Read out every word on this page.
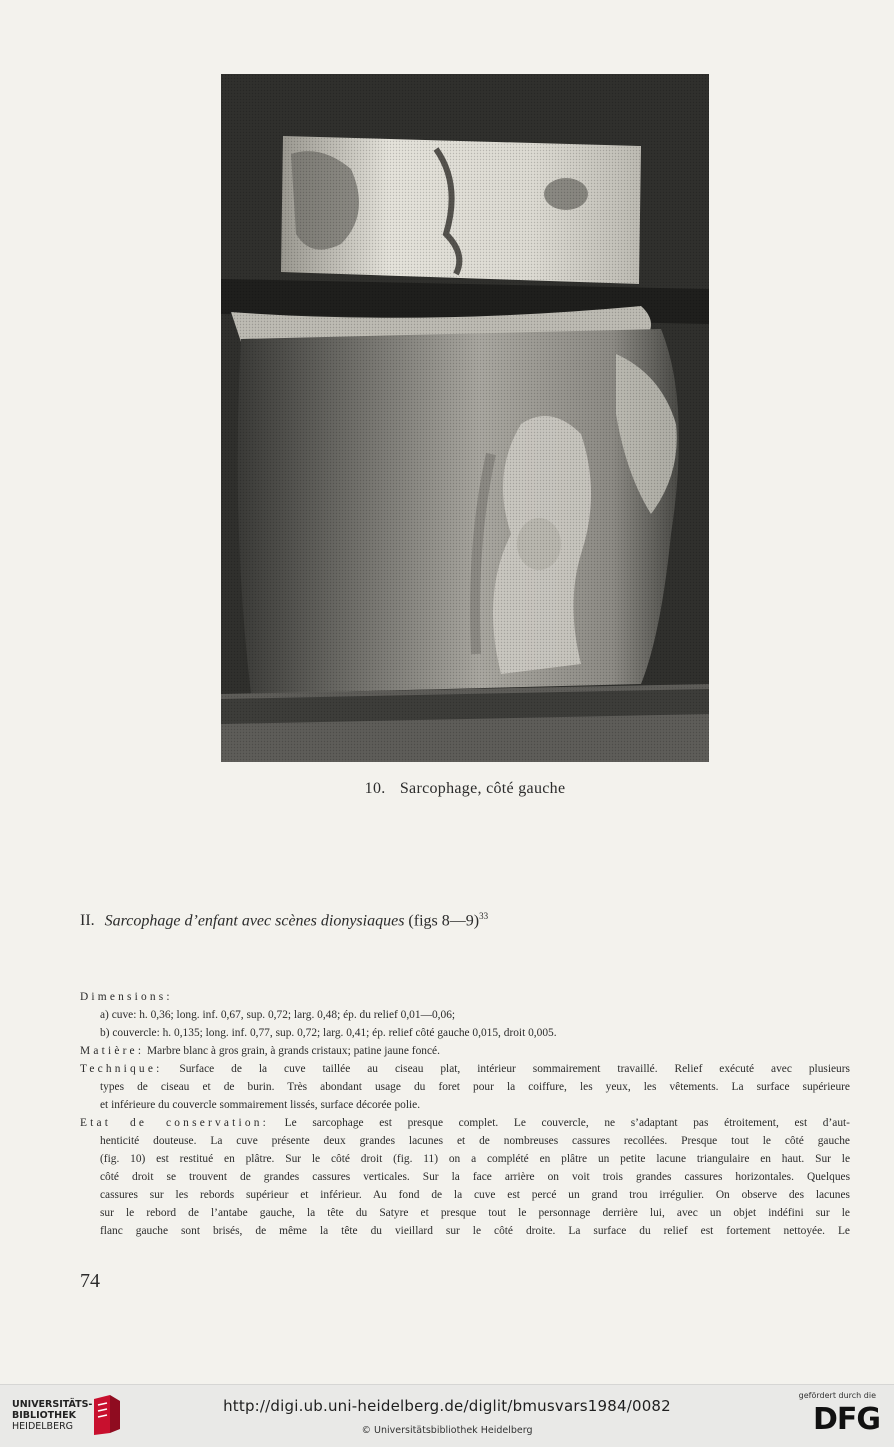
10. Sarcophage, côté gauche
II. Sarcophage d’enfant avec scènes dionysiaques (figs 8—9)$^{33}$

Dimensions:

a) cuve: h. 0,36; long. inf. 0,67, sup. 0,72; larg. 0,48; ép. du relief 0,01—0,06;

b) couvercle: h. 0,135; long. inf. 0,77, sup. 0,72; larg. 0,41; ép. relief côté gauche 0,015, droit 0,005.

Matière: Marbre blanc à gros grain, à grands cristaux; patine jaune foncé.

Technique: Surface de la cuve taillée au ciseau plat, intérieur sommairement travaillé. Relief exécuté avec plusieurs

types de ciseau et de burin. Très abondant usage du foret pour la coiffure, les yeux, les vêtements. La surface supérieure

et inférieure du couvercle sommairement lissés, surface décorée polie.

Etat de conservation: Le sarcophage est presque complet. Le couvercle, ne s’adaptant pas étroitement, est d’aut-

henticité douteuse. La cuve présente deux grandes lacunes et de nombreuses cassures recollées. Presque tout le côté gauche

(fig. 10) est restitué en plâtre. Sur le côté droit (fig. 11) on a complété en plâtre un petite lacune triangulaire en haut. Sur le

côté droit se trouvent de grandes cassures verticales. Sur la face arrière on voit trois grandes cassures horizontales. Quelques

cassures sur les rebords supérieur et inférieur. Au fond de la cuve est percé un grand trou irrégulier. On observe des lacunes

sur le rebord de l’antabe gauche, la tête du Satyre et presque tout le personnage derrière lui, avec un objet indéfini sur le

flanc gauche sont brisés, de même la tête du vieillard sur le côté droite. La surface du relief est fortement nettoyée. Le

74
UNIVERSITÄTS-
BIBLIOTHEK
HEIDELBERG
http://digi.ub.uni-heidelberg.de/diglit/bmusvars1984/0082
© Universitätsbibliothek Heidelberg
gefördert durch die
DFG
